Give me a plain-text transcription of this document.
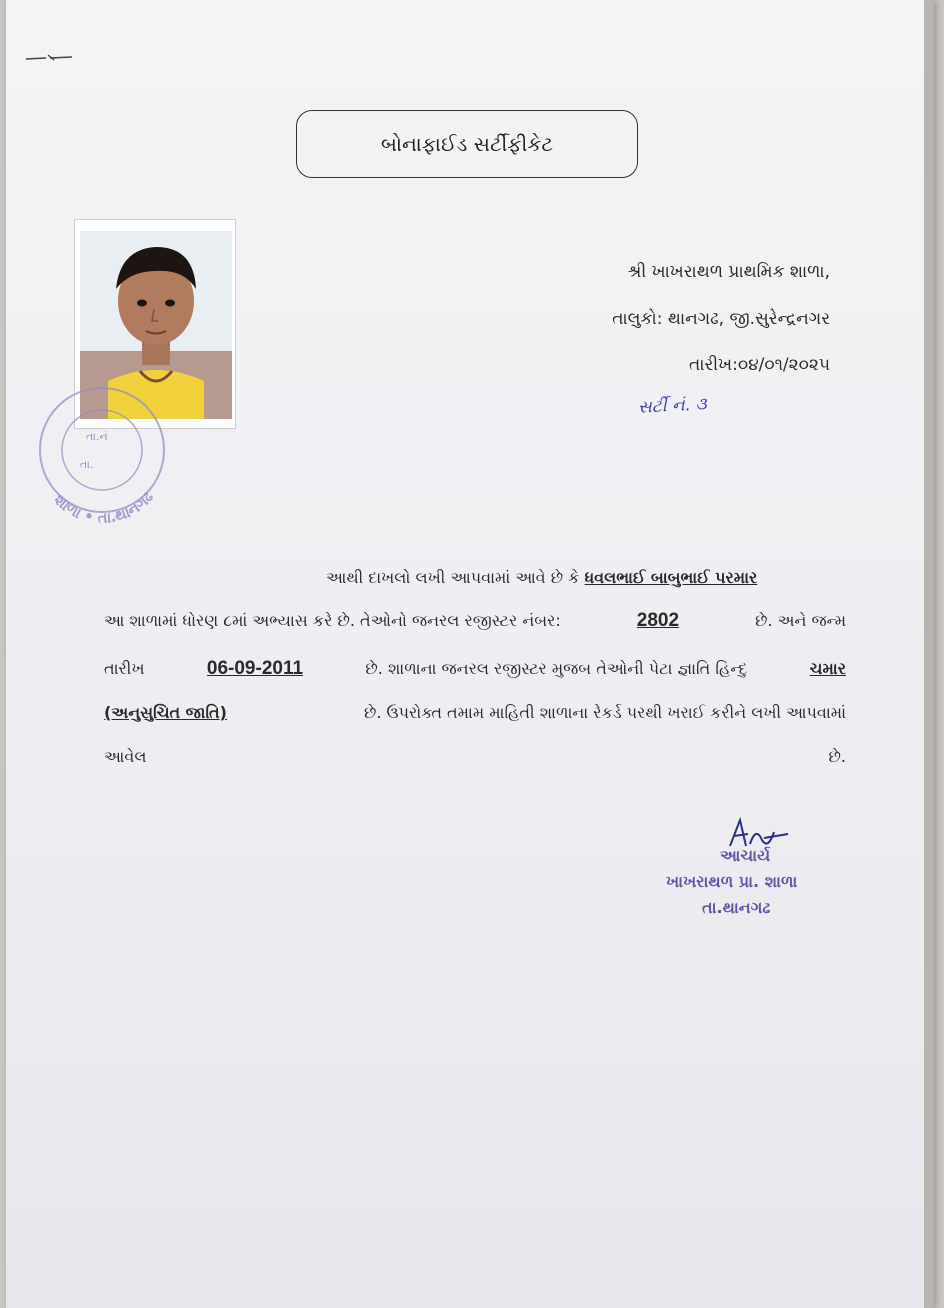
બોનાફાઈડ સર્ટીફીકેટ
શાળા • તા.થાનગઢ
તા.નં
તા.
શ્રી ખાખરાથળ પ્રાથમિક શાળા,
તાલુકો: થાનગઢ, જી.સુરેન્દ્રનગર
તારીખ:૦૪/૦૧/૨૦૨૫
સર્ટી નં. ૩
આથી દાખલો લખી આપવામાં આવે છે કે ધવલભાઈ બાબુભાઈ પરમાર
આ શાળામાં ધોરણ ૮માં અભ્યાસ કરે છે. તેઓનો જનરલ રજીસ્ટર નંબર:	2802	છે. અને જન્મ
તારીખ	06-09-2011	છે. શાળાના જનરલ રજીસ્ટર મુજબ તેઓની પેટા જ્ઞાતિ હિન્દુ	ચમાર
(અનુસુચિત જાતિ)	છે. ઉપરોક્ત તમામ માહિતી શાળાના રેકર્ડ પરથી ખરાઈ કરીને લખી આપવામાં
આવેલ	છે.
આચાર્ય
ખાખરાથળ પ્રા. શાળા
તા.થાનગઢ
